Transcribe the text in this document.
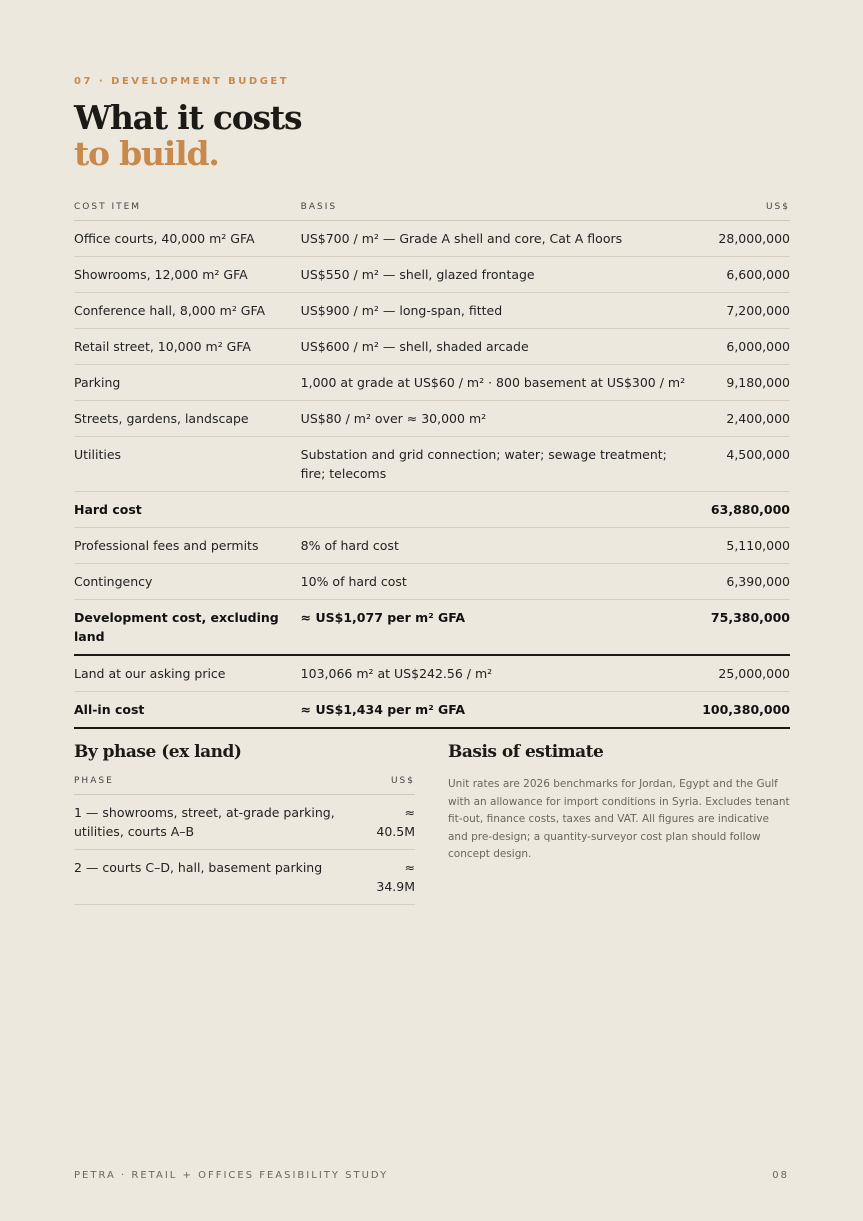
07 · DEVELOPMENT BUDGET
What it costs
to build.
COST ITEM	BASIS	US$
Office courts, 40,000 m² GFA	US$700 / m² — Grade A shell and core, Cat A floors	28,000,000
Showrooms, 12,000 m² GFA	US$550 / m² — shell, glazed frontage	6,600,000
Conference hall, 8,000 m² GFA	US$900 / m² — long-span, fitted	7,200,000
Retail street, 10,000 m² GFA	US$600 / m² — shell, shaded arcade	6,000,000
Parking	1,000 at grade at US$60 / m² · 800 basement at US$300 / m²	9,180,000
Streets, gardens, landscape	US$80 / m² over ≈ 30,000 m²	2,400,000
Utilities	Substation and grid connection; water; sewage treatment; fire; telecoms	4,500,000
Hard cost		63,880,000
Professional fees and permits	8% of hard cost	5,110,000
Contingency	10% of hard cost	6,390,000
Development cost, excluding land	≈ US$1,077 per m² GFA	75,380,000
Land at our asking price	103,066 m² at US$242.56 / m²	25,000,000
All-in cost	≈ US$1,434 per m² GFA	100,380,000
By phase (ex land)
PHASE	US$
1 — showrooms, street, at-grade parking, utilities, courts A–B	≈
40.5M

2 — courts C–D, hall, basement parking	≈
34.9M
Basis of estimate

Unit rates are 2026 benchmarks for Jordan, Egypt and the Gulf with an allowance for import conditions in Syria. Excludes tenant fit-out, finance costs, taxes and VAT. All figures are indicative and pre-design; a quantity-surveyor cost plan should follow concept design.

PETRA · RETAIL + OFFICES FEASIBILITY STUDY	08
